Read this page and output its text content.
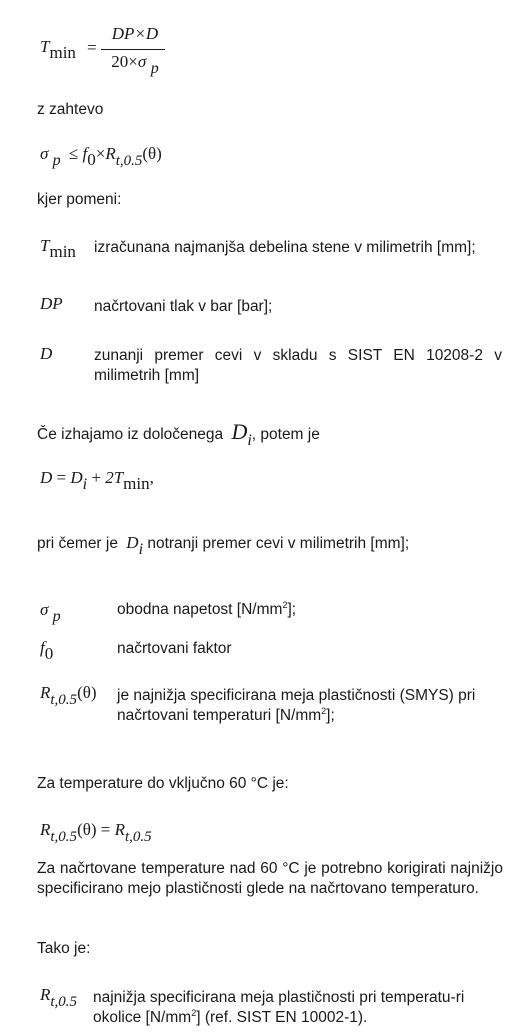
Tmin =
DP×D
20×σ p
z zahtevo
σ p ≤ f0×Rt,0.5(θ)
kjer pomeni:
Tmin izračunana najmanjša debelina stene v milimetrih [mm];
DP načrtovani tlak v bar [bar];
D	zunanji premer cevi v skladu s SIST EN 10208-2 v milimetrih [mm]
Če izhajamo iz določenega Di, potem je
D = Di + 2Tmin,
pri čemer je Di notranji premer cevi v milimetrih [mm];
σ p	obodna napetost $[N/mm^2]$;
f0	načrtovani faktor
Rt,0.5(θ) je najnižja specificirana meja plastičnosti (SMYS) pri načrtovani temperaturi $[N/mm^2]$;
Za temperature do vključno 60 °C je:
Rt,0.5(θ) = Rt,0.5
Za načrtovane temperature nad 60 °C je potrebno korigirati najnižjo specificirano mejo plastičnosti glede na načrtovano temperaturo.
Tako je:
Rt,0.5 najnižja specificirana meja plastičnosti pri temperatu-ri okolice $[N/mm^2]$ (ref. SIST EN 10002-1).
